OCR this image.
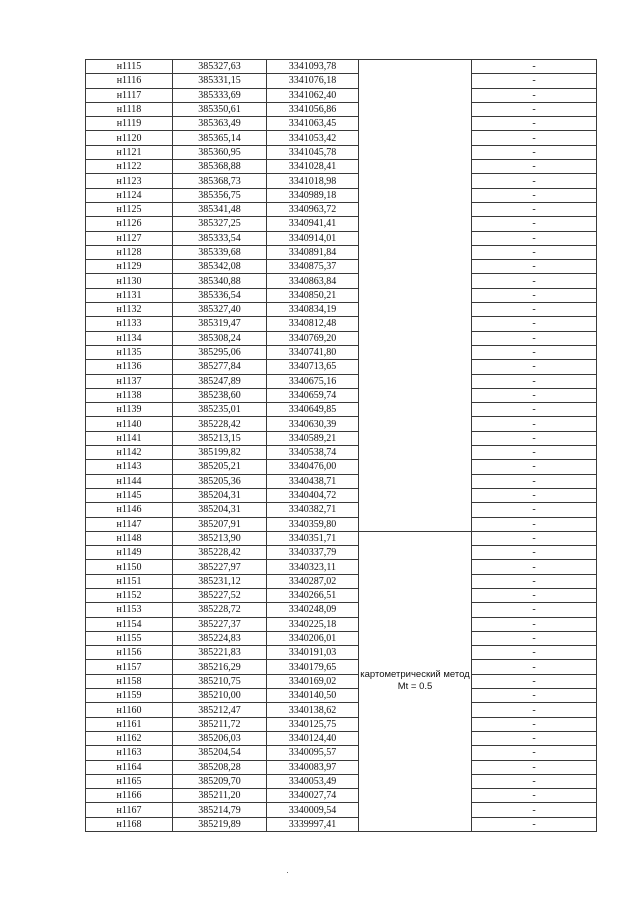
н1115	385327,63	3341093,78		-
н1116	385331,15	3341076,18		-
н1117	385333,69	3341062,40		-
н1118	385350,61	3341056,86		-
н1119	385363,49	3341063,45		-
н1120	385365,14	3341053,42		-
н1121	385360,95	3341045,78		-
н1122	385368,88	3341028,41		-
н1123	385368,73	3341018,98		-
н1124	385356,75	3340989,18		-
н1125	385341,48	3340963,72		-
н1126	385327,25	3340941,41		-
н1127	385333,54	3340914,01		-
н1128	385339,68	3340891,84		-
н1129	385342,08	3340875,37		-
н1130	385340,88	3340863,84		-
н1131	385336,54	3340850,21		-
н1132	385327,40	3340834,19		-
н1133	385319,47	3340812,48		-
н1134	385308,24	3340769,20		-
н1135	385295,06	3340741,80		-
н1136	385277,84	3340713,65		-
н1137	385247,89	3340675,16		-
н1138	385238,60	3340659,74		-
н1139	385235,01	3340649,85		-
н1140	385228,42	3340630,39		-
н1141	385213,15	3340589,21		-
н1142	385199,82	3340538,74		-
н1143	385205,21	3340476,00		-
н1144	385205,36	3340438,71		-
н1145	385204,31	3340404,72		-
н1146	385204,31	3340382,71		-
н1147	385207,91	3340359,80		-
н1148	385213,90	3340351,71	картометрический метод Mt = 0.5	-
н1149	385228,42	3340337,79		-
н1150	385227,97	3340323,11		-
н1151	385231,12	3340287,02		-
н1152	385227,52	3340266,51		-
н1153	385228,72	3340248,09		-
н1154	385227,37	3340225,18		-
н1155	385224,83	3340206,01		-
н1156	385221,83	3340191,03		-
н1157	385216,29	3340179,65		-
н1158	385210,75	3340169,02		-
н1159	385210,00	3340140,50		-
н1160	385212,47	3340138,62		-
н1161	385211,72	3340125,75		-
н1162	385206,03	3340124,40		-
н1163	385204,54	3340095,57		-
н1164	385208,28	3340083,97		-
н1165	385209,70	3340053,49		-
н1166	385211,20	3340027,74		-
н1167	385214,79	3340009,54		-
н1168	385219,89	3339997,41		-
